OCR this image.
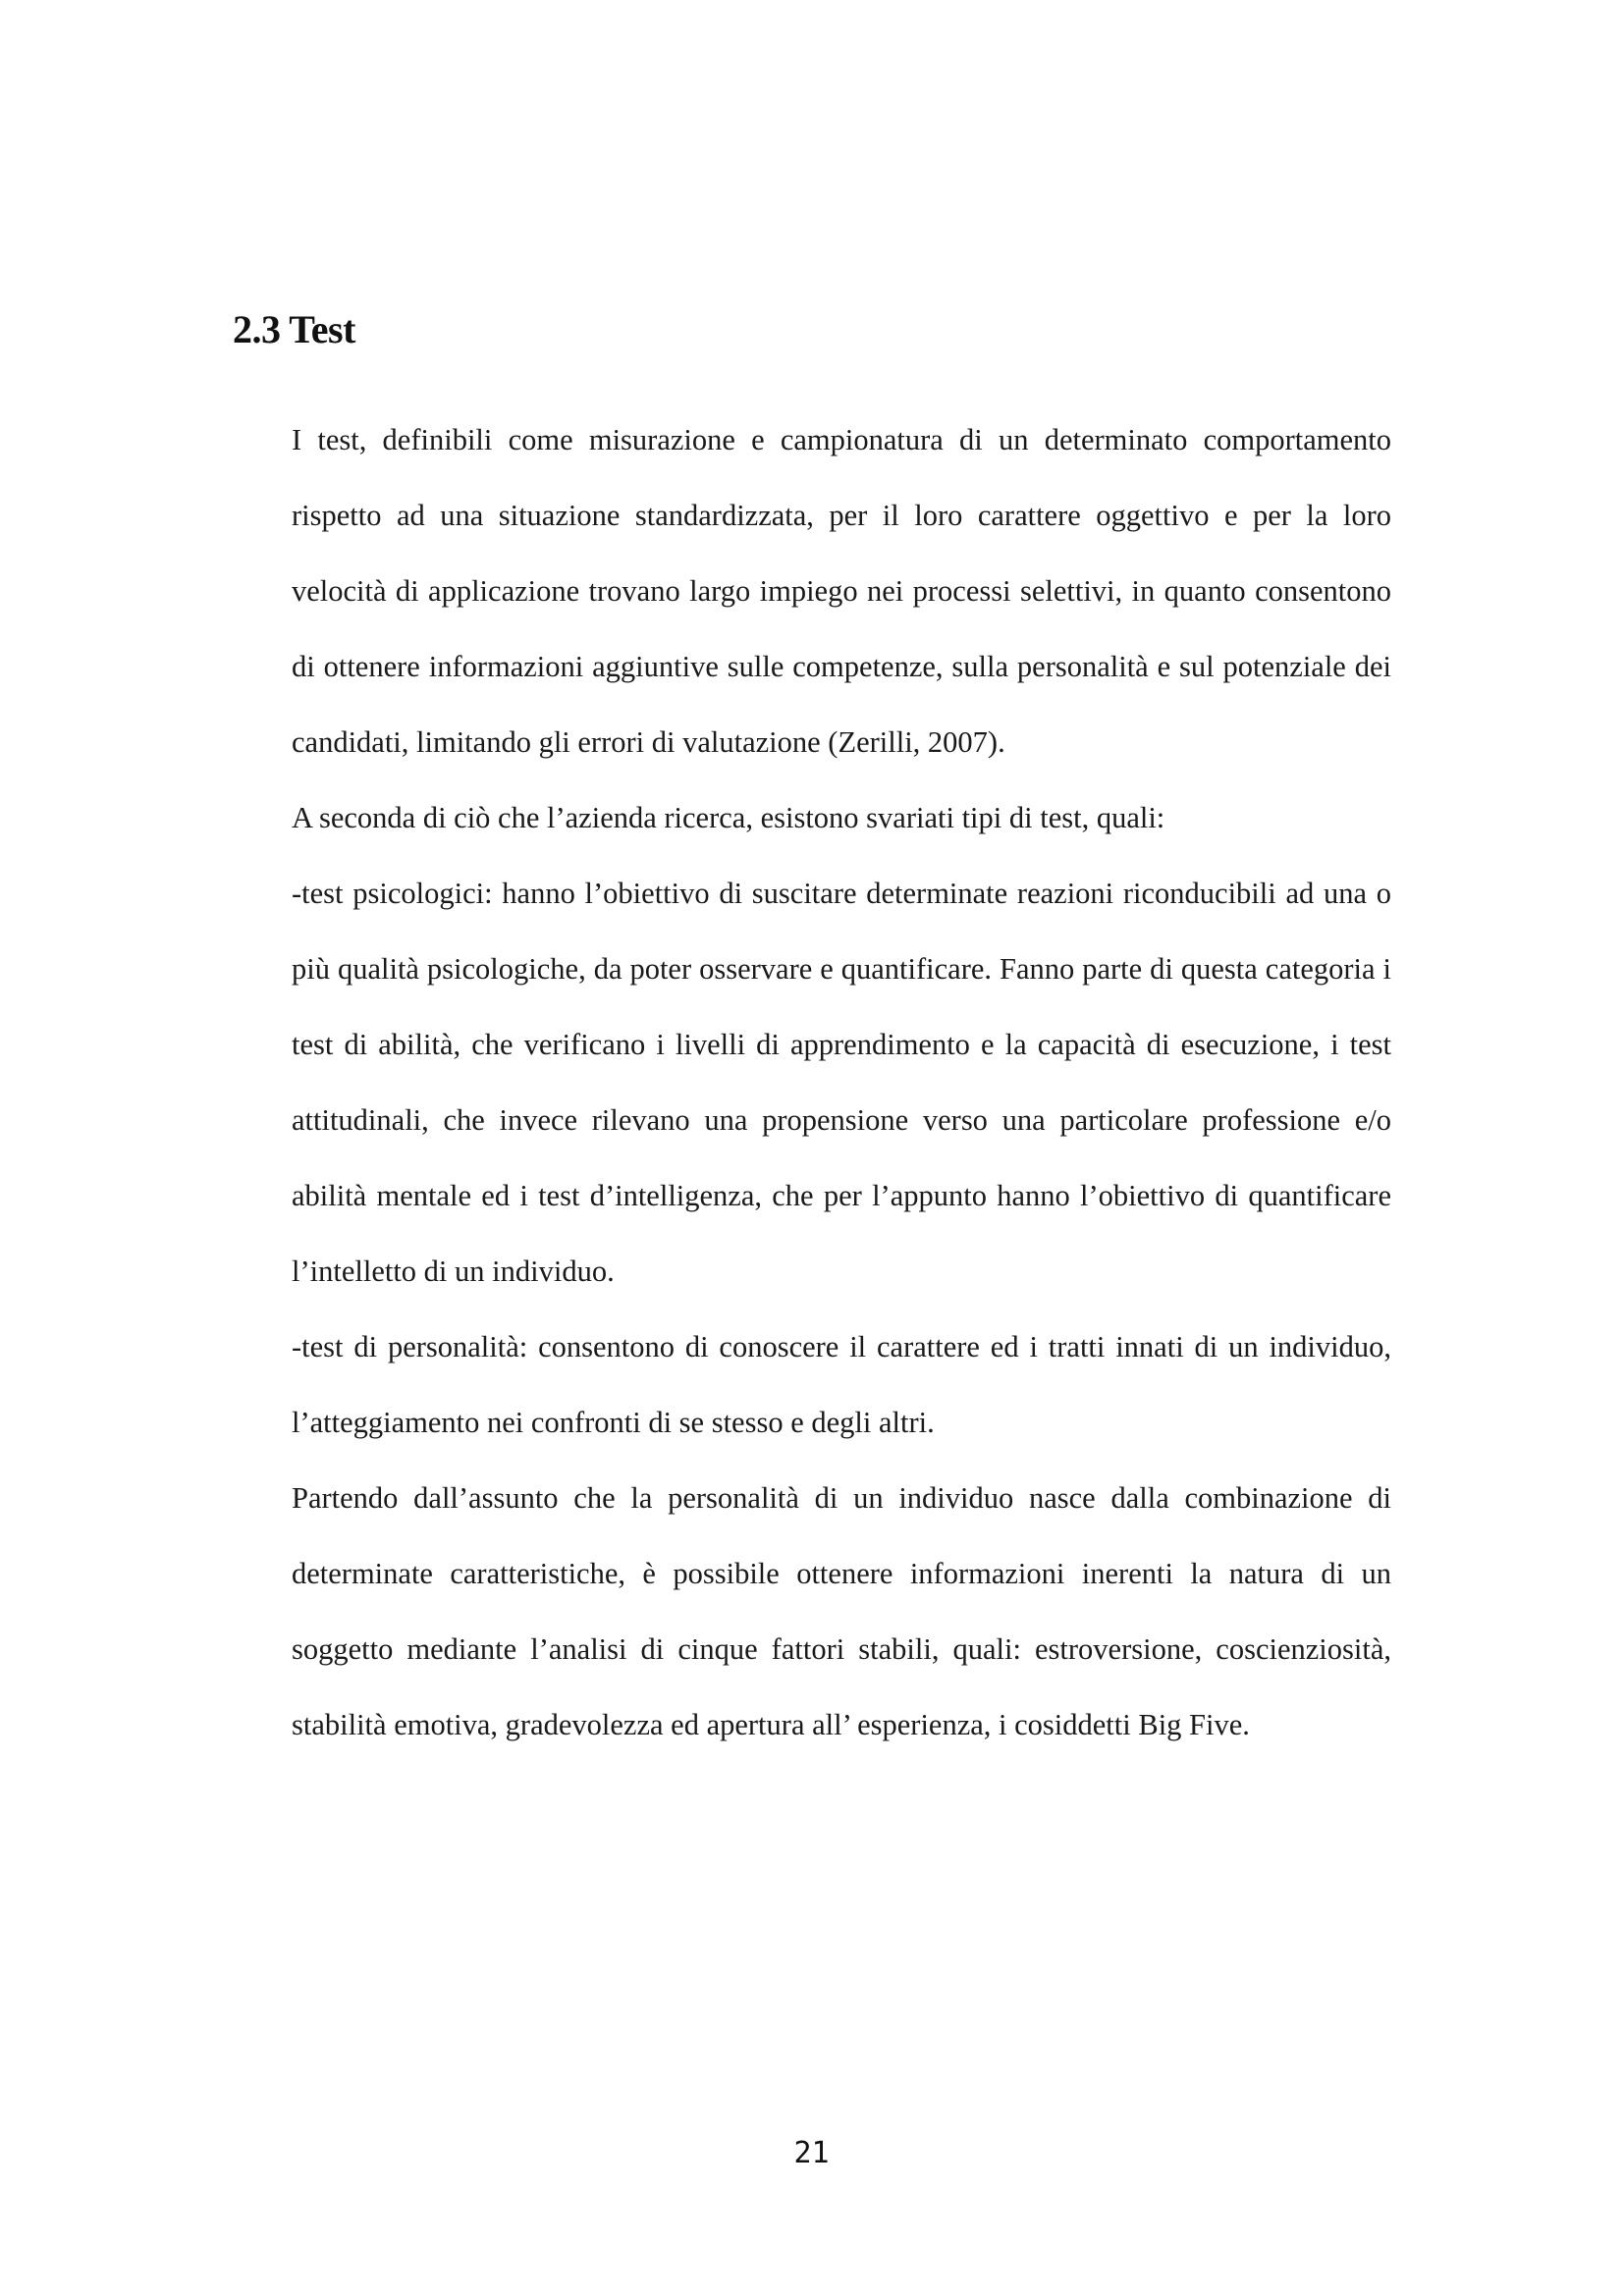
2.3 Test

I test, definibili come misurazione e campionatura di un determinato comportamento rispetto ad una situazione standardizzata, per il loro carattere oggettivo e per la loro velocità di applicazione trovano largo impiego nei processi selettivi, in quanto consentono di ottenere informazioni aggiuntive sulle competenze, sulla personalità e sul potenziale dei candidati, limitando gli errori di valutazione (Zerilli, 2007).

A seconda di ciò che l’azienda ricerca, esistono svariati tipi di test, quali:

-test psicologici: hanno l’obiettivo di suscitare determinate reazioni riconducibili ad una o più qualità psicologiche, da poter osservare e quantificare. Fanno parte di questa categoria i test di abilità, che verificano i livelli di apprendimento e la capacità di esecuzione, i test attitudinali, che invece rilevano una propensione verso una particolare professione e/o abilità mentale ed i test d’intelligenza, che per l’appunto hanno l’obiettivo di quantificare l’intelletto di un individuo.

-test di personalità: consentono di conoscere il carattere ed i tratti innati di un individuo, l’atteggiamento nei confronti di se stesso e degli altri.

Partendo dall’assunto che la personalità di un individuo nasce dalla combinazione di determinate caratteristiche, è possibile ottenere informazioni inerenti la natura di un soggetto mediante l’analisi di cinque fattori stabili, quali: estroversione, coscienziosità, stabilità emotiva, gradevolezza ed apertura all’ esperienza, i cosiddetti Big Five.

21
